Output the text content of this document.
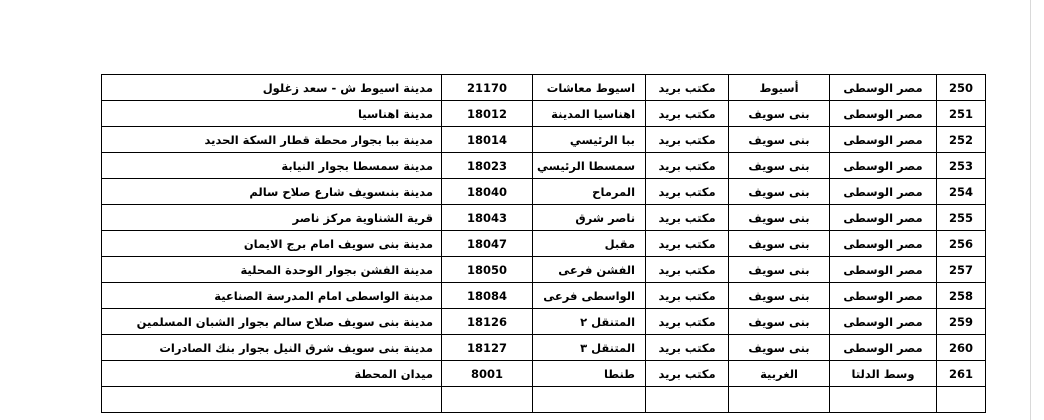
مدينة اسيوط ش - سعد زغلول	21170	اسيوط معاشات	مكتب بريد	أسيوط	مصر الوسطى	250
مدينة اهناسيا	18012	اهناسيا المدينة	مكتب بريد	بنى سويف	مصر الوسطى	251
مدينة ببا بجوار محطة قطار السكة الحديد	18014	ببا الرئيسي	مكتب بريد	بنى سويف	مصر الوسطى	252
مدينة سمسطا بجوار النيابة	18023	سمسطا الرئيسي	مكتب بريد	بنى سويف	مصر الوسطى	253
مدينة بنىسويف شارع صلاح سالم	18040	المرماح	مكتب بريد	بنى سويف	مصر الوسطى	254
قرية الشناوية مركز ناصر	18043	ناصر شرق	مكتب بريد	بنى سويف	مصر الوسطى	255
مدينة بنى سويف امام برج الايمان	18047	مقبل	مكتب بريد	بنى سويف	مصر الوسطى	256
مدينة الفشن بجوار الوحدة المحلية	18050	الفشن فرعى	مكتب بريد	بنى سويف	مصر الوسطى	257
مدينة الواسطى امام المدرسة الصناعية	18084	الواسطى فرعى	مكتب بريد	بنى سويف	مصر الوسطى	258
مدينة بنى سويف صلاح سالم بجوار الشبان المسلمين	18126	المتنقل ٢	مكتب بريد	بنى سويف	مصر الوسطى	259
مدينة بنى سويف شرق النيل بجوار بنك الصادرات	18127	المتنقل ٣	مكتب بريد	بنى سويف	مصر الوسطى	260
ميدان المحطة	8001	طنطا	مكتب بريد	الغربية	وسط الدلتا	261
